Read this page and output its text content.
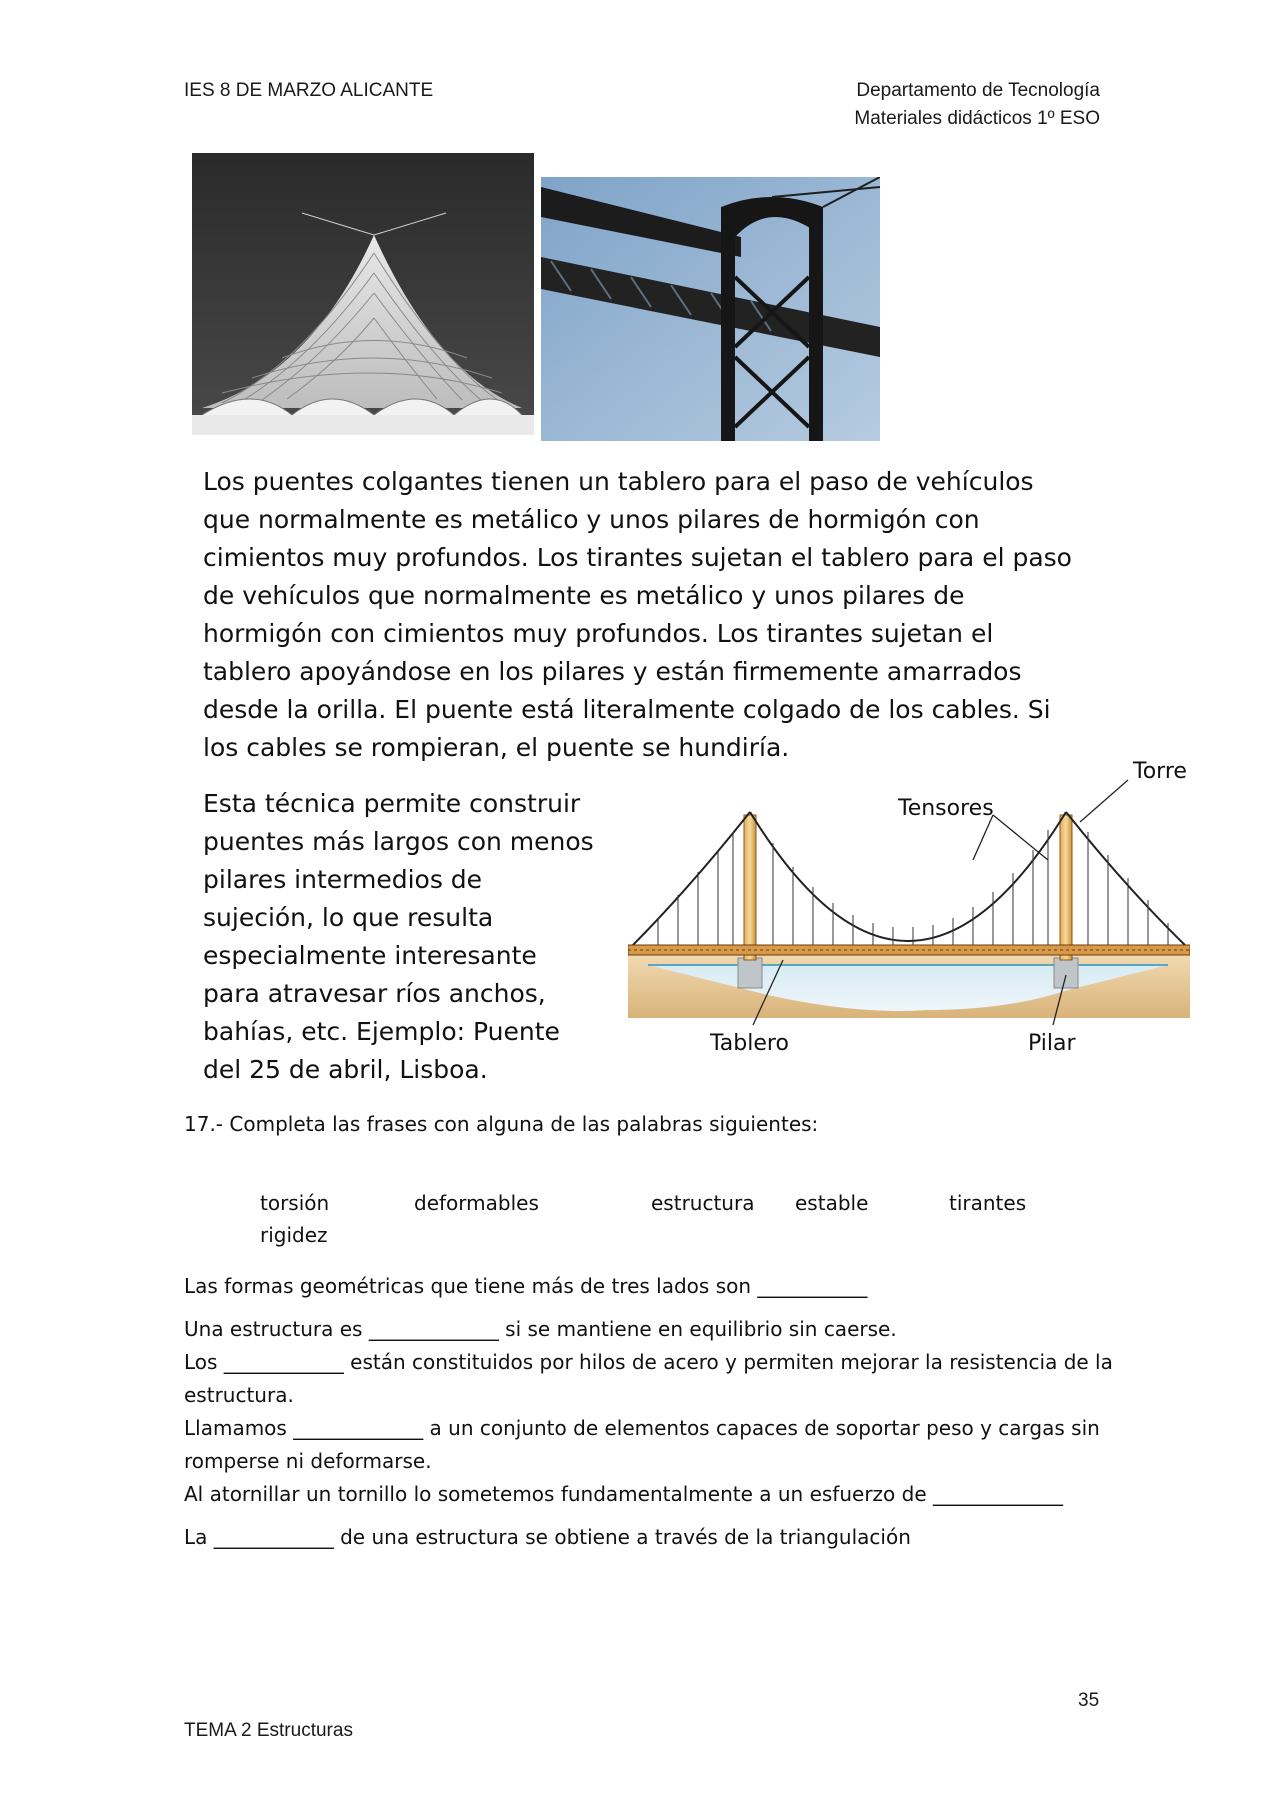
IES 8 DE MARZO ALICANTE	Departamento de Tecnología
Materiales didácticos 1º ESO
Los puentes colgantes tienen un tablero para el paso de vehículos que normalmente es metálico y unos pilares de hormigón con cimientos muy profundos. Los tirantes sujetan el tablero para el paso de vehículos que normalmente es metálico y unos pilares de hormigón con cimientos muy profundos. Los tirantes sujetan el tablero apoyándose en los pilares y están firmemente amarrados desde la orilla. El puente está literalmente colgado de los cables. Si los cables se rompieran, el puente se hundiría.
Esta técnica permite construir puentes más largos con menos pilares intermedios de sujeción, lo que resulta especialmente interesante para atravesar ríos anchos, bahías, etc. Ejemplo: Puente del 25 de abril, Lisboa.
Torre
Tensores
Tablero	Pilar
17.- Completa las frases con alguna de las palabras siguientes:
torsión	deformables	estructura estable	tirantes
rigidez

Las formas geométricas que tiene más de tres lados son ___________

Una estructura es _____________ si se mantiene en equilibrio sin caerse.

Los ____________ están constituidos por hilos de acero y permiten mejorar la resistencia de la estructura.

Llamamos _____________ a un conjunto de elementos capaces de soportar peso y cargas sin romperse ni deformarse.

Al atornillar un tornillo lo sometemos fundamentalmente a un esfuerzo de _____________

La ____________ de una estructura se obtiene a través de la triangulación

35
TEMA 2 Estructuras
